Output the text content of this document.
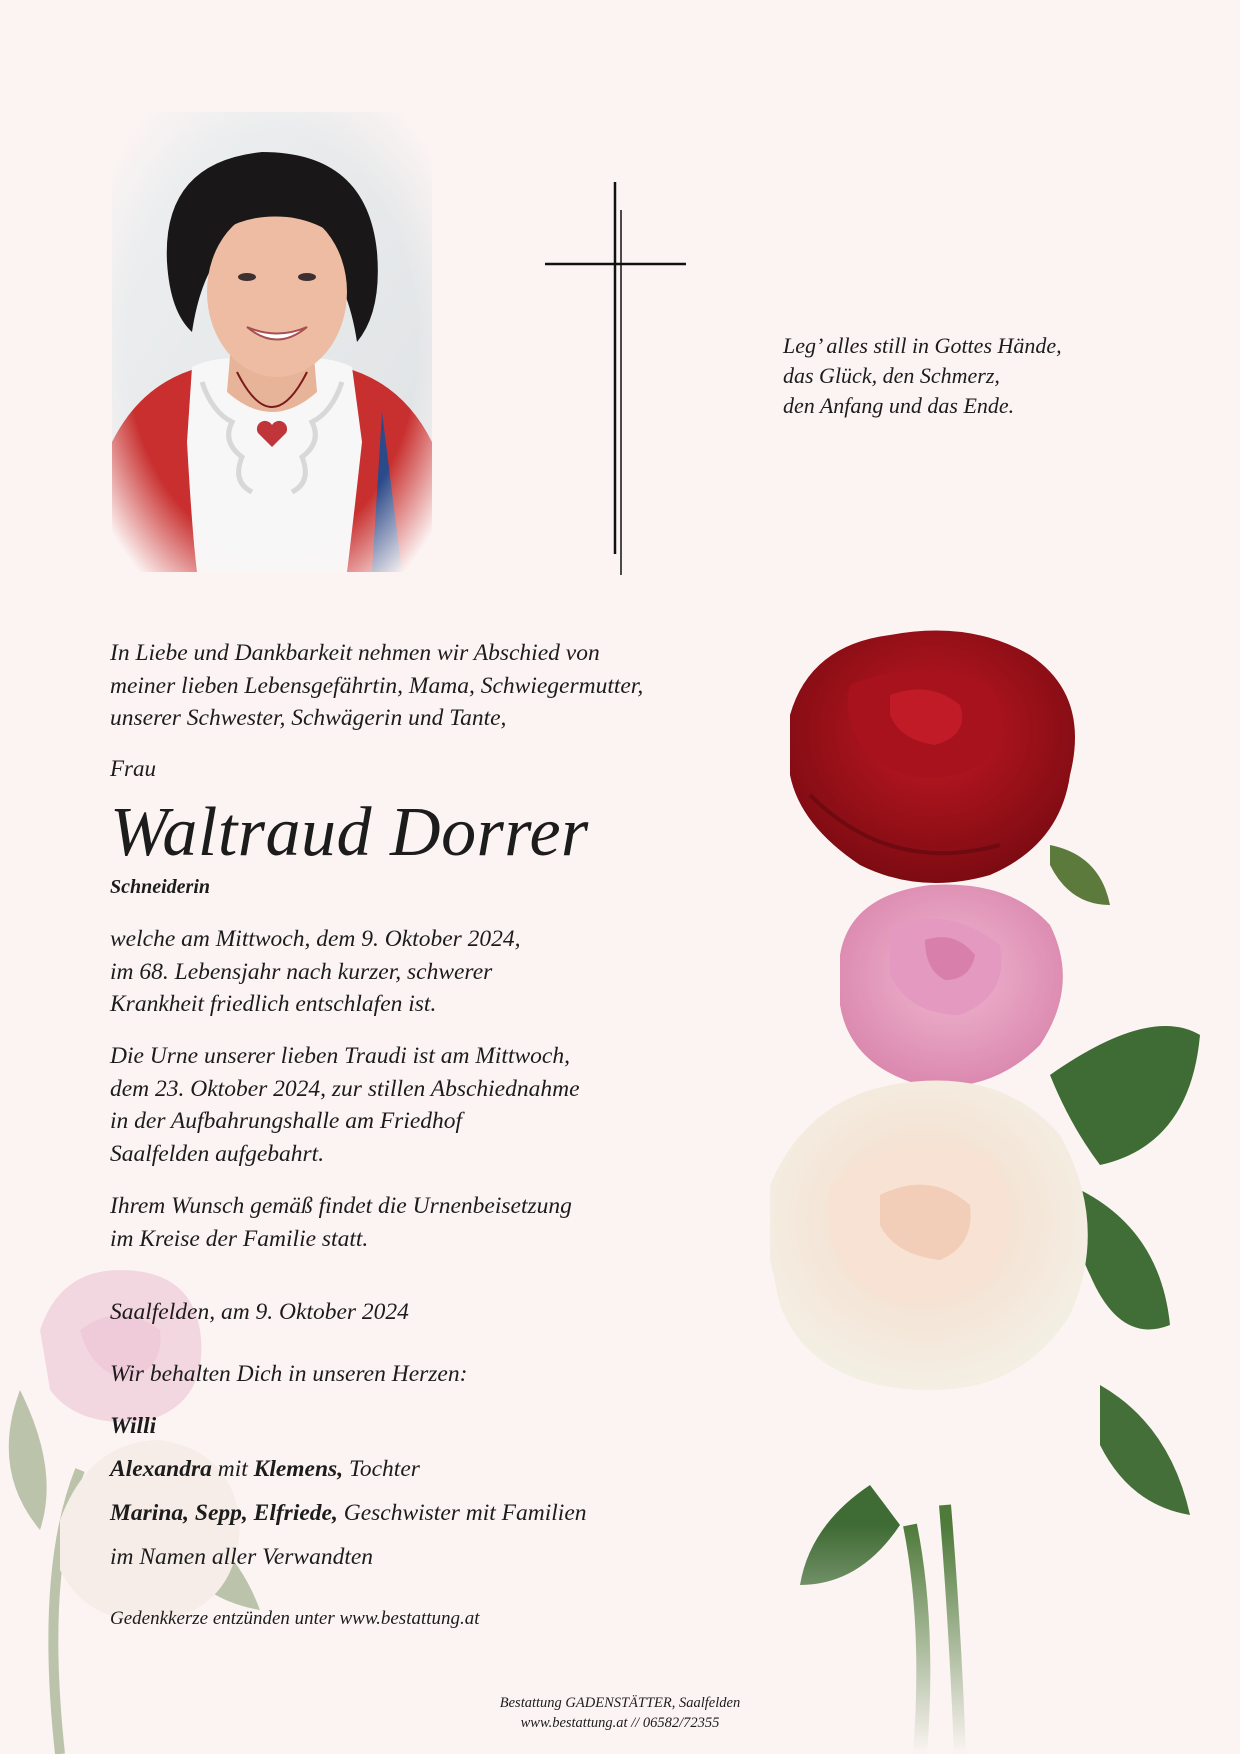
Leg’ alles still in Gottes Hände,
das Glück, den Schmerz,
den Anfang und das Ende.
In Liebe und Dankbarkeit nehmen wir Abschied von
meiner lieben Lebensgefährtin, Mama, Schwiegermutter,
unserer Schwester, Schwägerin und Tante,
Frau
Waltraud Dorrer
Schneiderin
welche am Mittwoch, dem 9. Oktober 2024,
im 68. Lebensjahr nach kurzer, schwerer
Krankheit friedlich entschlafen ist.
Die Urne unserer lieben Traudi ist am Mittwoch,
dem 23. Oktober 2024, zur stillen Abschiednahme
in der Aufbahrungshalle am Friedhof
Saalfelden aufgebahrt.
Ihrem Wunsch gemäß findet die Urnenbeisetzung
im Kreise der Familie statt.
Saalfelden, am 9. Oktober 2024
Wir behalten Dich in unseren Herzen:
Willi
Alexandra mit Klemens, Tochter
Marina, Sepp, Elfriede, Geschwister mit Familien
im Namen aller Verwandten
Gedenkkerze entzünden unter www.bestattung.at
Bestattung GADENSTÄTTER, Saalfelden
www.bestattung.at // 06582/72355
